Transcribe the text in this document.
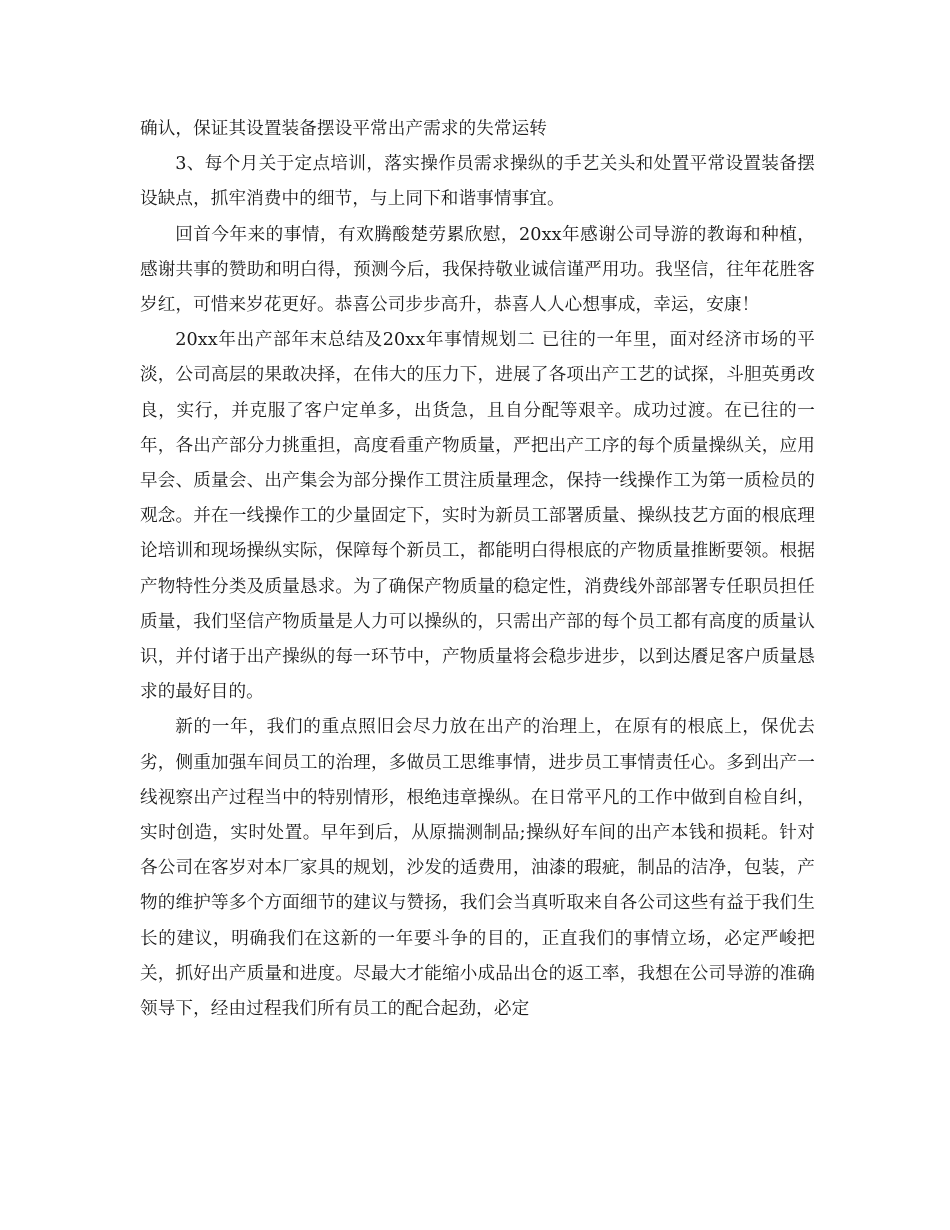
确认，保证其设置装备摆设平常出产需求的失常运转

3、每个月关于定点培训，落实操作员需求操纵的手艺关头和处置平常设置装备摆设缺点，抓牢消费中的细节，与上同下和谐事情事宜。

回首今年来的事情，有欢腾酸楚劳累欣慰，20xx年感谢公司导游的教诲和种植，感谢共事的赞助和明白得，预测今后，我保持敬业诚信谨严用功。我坚信，往年花胜客岁红，可惜来岁花更好。恭喜公司步步高升，恭喜人人心想事成，幸运，安康！

20xx年出产部年末总结及20xx年事情规划二 已往的一年里，面对经济市场的平淡，公司高层的果敢决择，在伟大的压力下，进展了各项出产工艺的试探，斗胆英勇改良，实行，并克服了客户定单多，出货急，且自分配等艰辛。成功过渡。在已往的一年，各出产部分力挑重担，高度看重产物质量，严把出产工序的每个质量操纵关，应用早会、质量会、出产集会为部分操作工贯注质量理念，保持一线操作工为第一质检员的观念。并在一线操作工的少量固定下，实时为新员工部署质量、操纵技艺方面的根底理论培训和现场操纵实际，保障每个新员工，都能明白得根底的产物质量推断要领。根据产物特性分类及质量恳求。为了确保产物质量的稳定性，消费线外部部署专任职员担任质量，我们坚信产物质量是人力可以操纵的，只需出产部的每个员工都有高度的质量认识，并付诸于出产操纵的每一环节中，产物质量将会稳步进步，以到达餍足客户质量恳求的最好目的。

新的一年，我们的重点照旧会尽力放在出产的治理上，在原有的根底上，保优去劣，侧重加强车间员工的治理，多做员工思维事情，进步员工事情责任心。多到出产一线视察出产过程当中的特别情形，根绝违章操纵。在日常平凡的工作中做到自检自纠，实时创造，实时处置。早年到后，从原揣测制品;操纵好车间的出产本钱和损耗。针对各公司在客岁对本厂家具的规划，沙发的适费用，油漆的瑕疵，制品的洁净，包装，产物的维护等多个方面细节的建议与赞扬，我们会当真听取来自各公司这些有益于我们生长的建议，明确我们在这新的一年要斗争的目的，正直我们的事情立场，必定严峻把关，抓好出产质量和进度。尽最大才能缩小成品出仓的返工率，我想在公司导游的准确领导下，经由过程我们所有员工的配合起劲，必定
